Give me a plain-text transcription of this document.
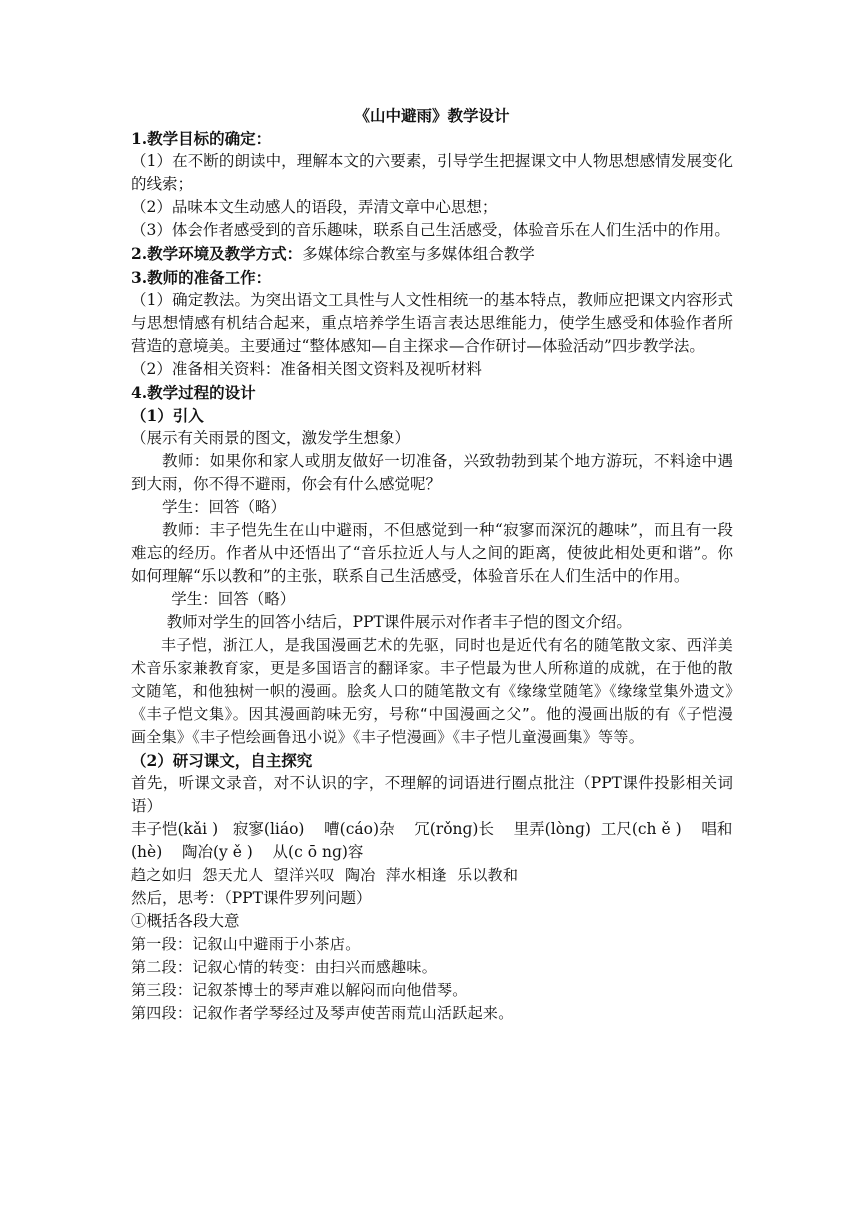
《山中避雨》教学设计

1.教学目标的确定：

（1）在不断的朗读中，理解本文的六要素，引导学生把握课文中人物思想感情发展变化的线索；

（2）品味本文生动感人的语段，弄清文章中心思想；

（3）体会作者感受到的音乐趣味，联系自己生活感受，体验音乐在人们生活中的作用。

2.教学环境及教学方式：多媒体综合教室与多媒体组合教学

3.教师的准备工作：

（1）确定教法。为突出语文工具性与人文性相统一的基本特点，教师应把课文内容形式与思想情感有机结合起来，重点培养学生语言表达思维能力，使学生感受和体验作者所营造的意境美。主要通过“整体感知—自主探求—合作研讨—体验活动”四步教学法。

（2）准备相关资料：准备相关图文资料及视听材料

4.教学过程的设计

（1）引入

（展示有关雨景的图文，激发学生想象）

教师：如果你和家人或朋友做好一切准备，兴致勃勃到某个地方游玩，不料途中遇到大雨，你不得不避雨，你会有什么感觉呢？

学生：回答（略）

教师：丰子恺先生在山中避雨，不但感觉到一种“寂寥而深沉的趣味”，而且有一段难忘的经历。作者从中还悟出了“音乐拉近人与人之间的距离，使彼此相处更和谐”。你如何理解“乐以教和”的主张，联系自己生活感受，体验音乐在人们生活中的作用。

学生：回答（略）

教师对学生的回答小结后，PPT课件展示对作者丰子恺的图文介绍。

丰子恺，浙江人，是我国漫画艺术的先驱，同时也是近代有名的随笔散文家、西洋美术音乐家兼教育家，更是多国语言的翻译家。丰子恺最为世人所称道的成就，在于他的散文随笔，和他独树一帜的漫画。脍炙人口的随笔散文有《缘缘堂随笔》《缘缘堂集外遗文》《丰子恺文集》。因其漫画韵味无穷，号称“中国漫画之父”。他的漫画出版的有《子恺漫画全集》《丰子恺绘画鲁迅小说》《丰子恺漫画》《丰子恺儿童漫画集》等等。

（2）研习课文，自主探究

首先，听课文录音，对不认识的字，不理解的词语进行圈点批注（PPT课件投影相关词语）

丰子恺(kǎi )   寂寥(liáo)    嘈(cáo)杂    冗(rǒnɡ)长    里弄(lònɡ)  工尺(ch ě )    唱和

(hè)    陶冶(y ě )    从(c ō nɡ)容

趋之如归  怨天尤人  望洋兴叹  陶冶  萍水相逢  乐以教和

然后，思考：（PPT课件罗列问题）

①概括各段大意

第一段：记叙山中避雨于小茶店。

第二段：记叙心情的转变：由扫兴而感趣味。

第三段：记叙茶博士的琴声难以解闷而向他借琴。

第四段：记叙作者学琴经过及琴声使苦雨荒山活跃起来。
